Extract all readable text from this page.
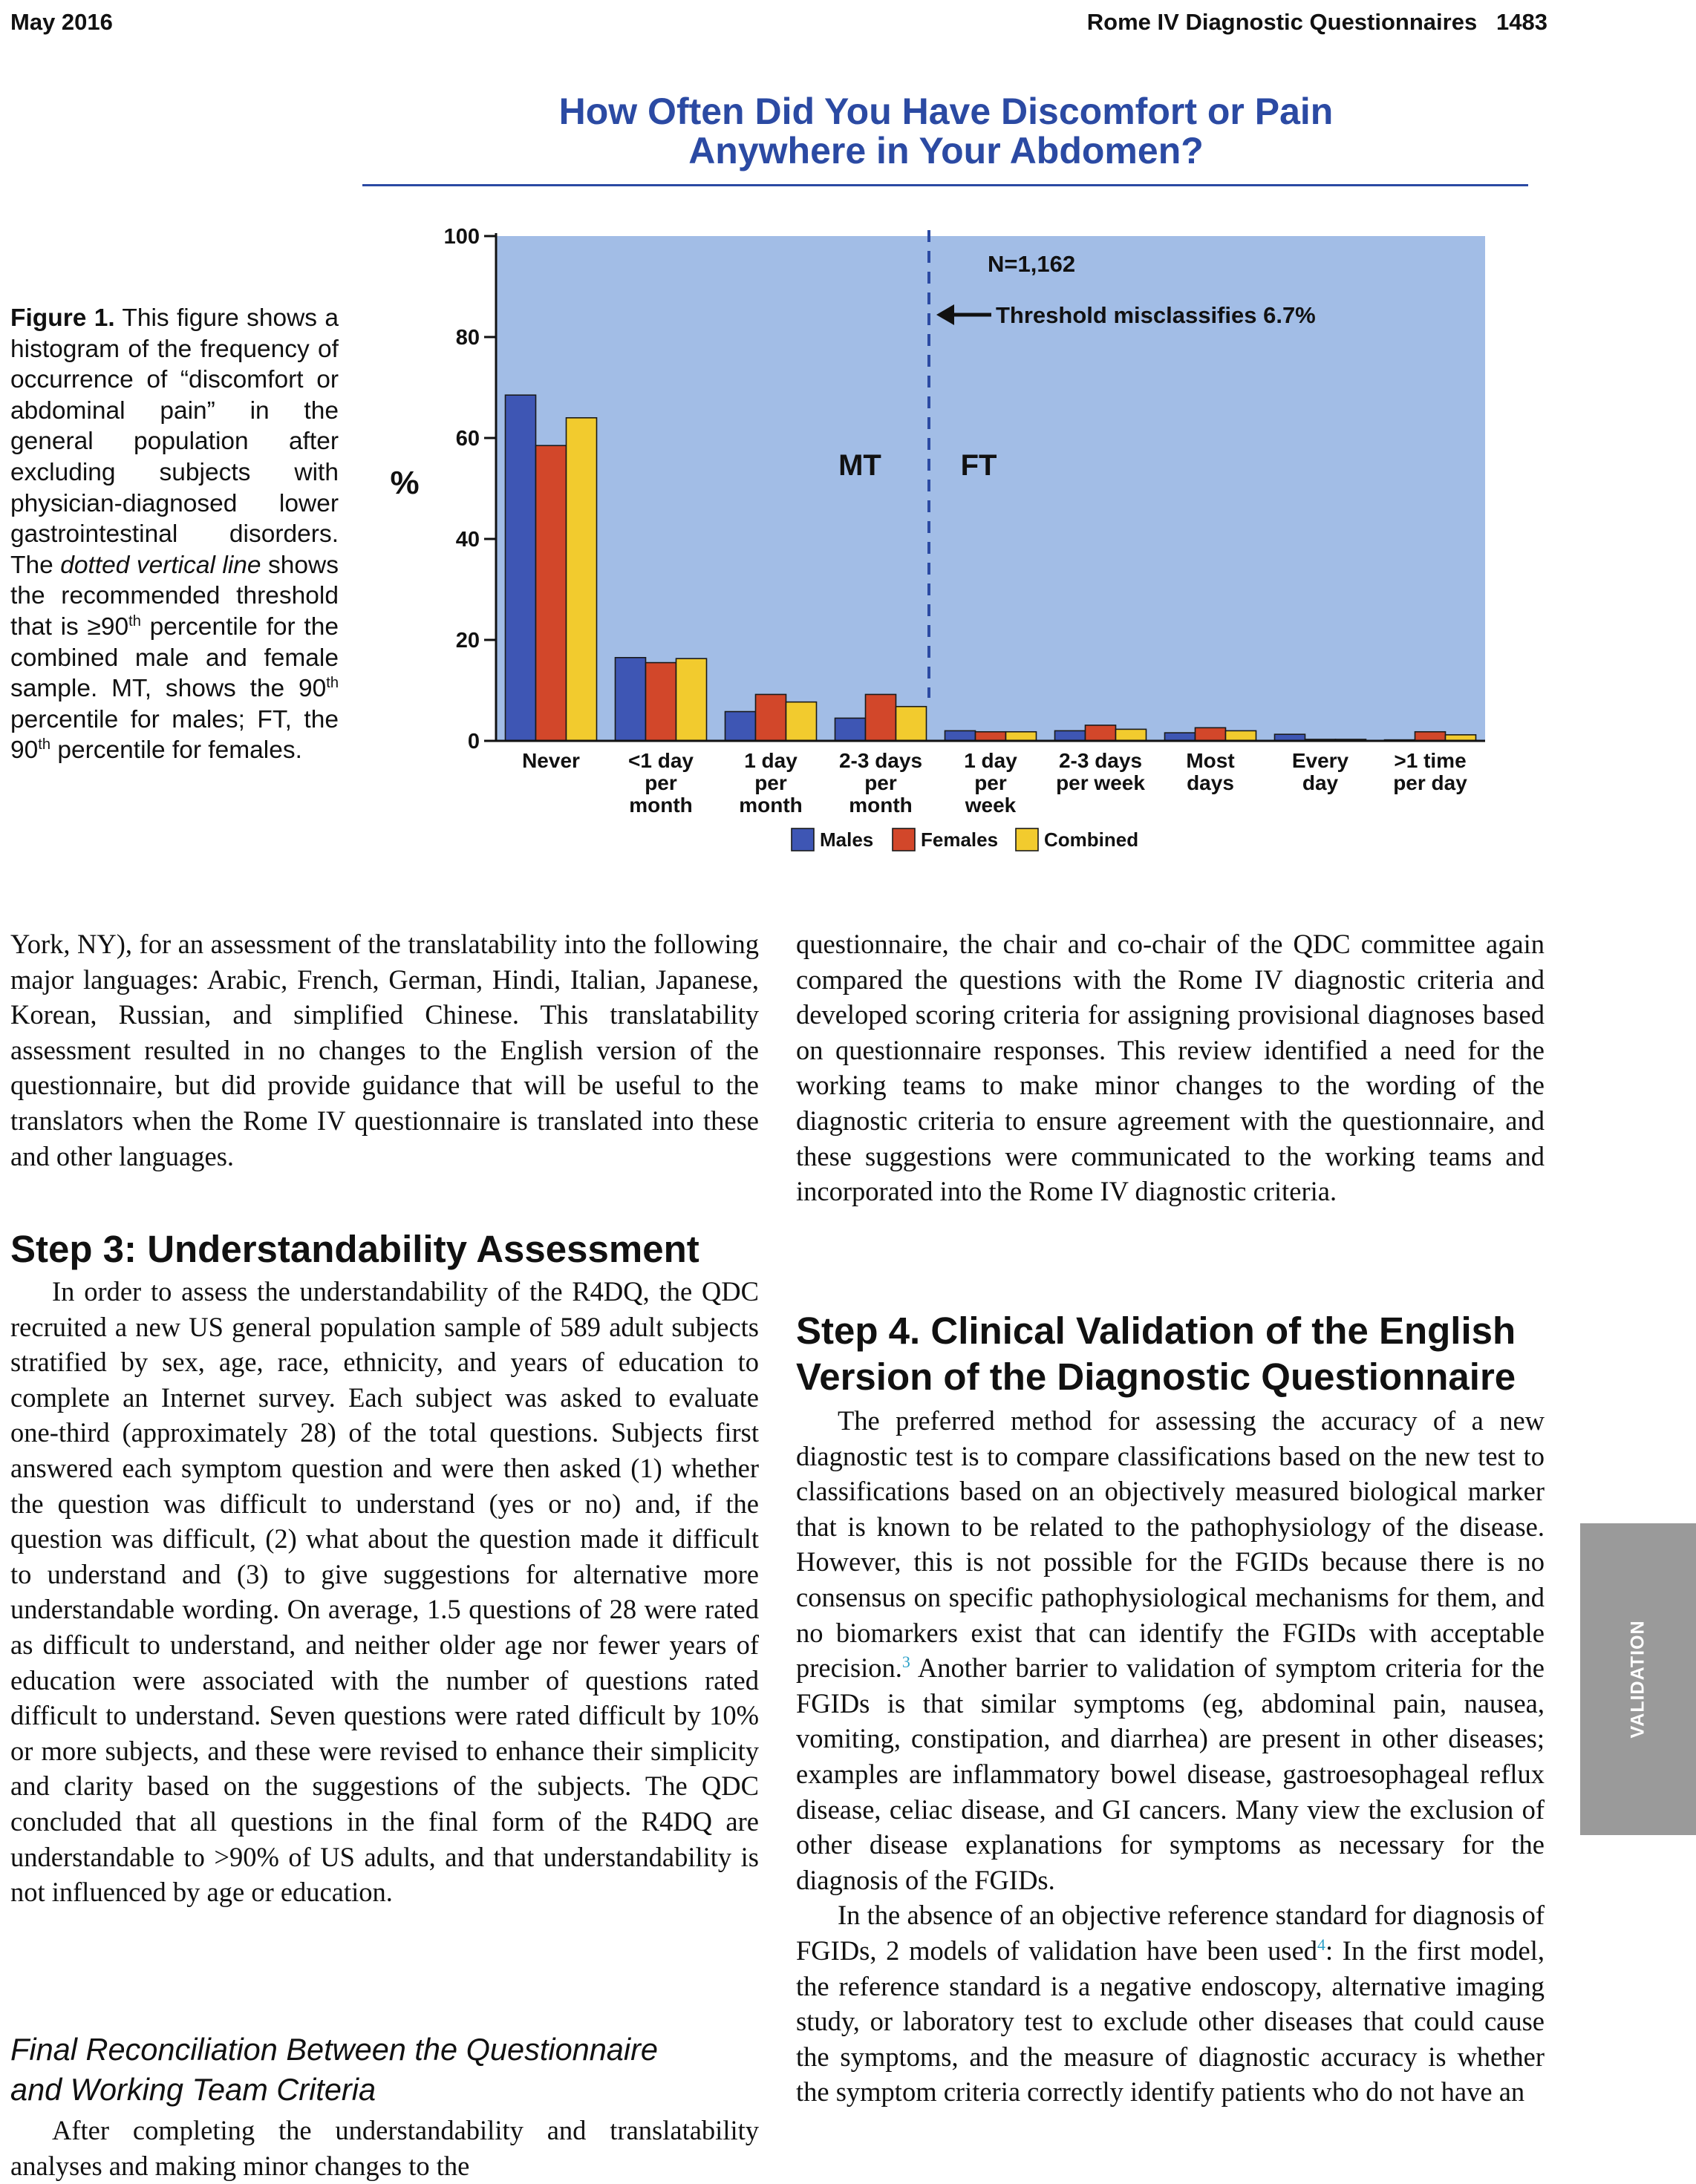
May 2016	Rome IV Diagnostic Questionnaires   1483
How Often Did You Have Discomfort or Pain
Anywhere in Your Abdomen?
Figure 1. This figure shows a histogram of the frequency of occurrence of “discomfort or abdominal pain” in the general population after excluding subjects with physician-diagnosed lower gastrointestinal disorders. The dotted vertical line shows the recommended threshold that is ≥90th percentile for the combined male and female sample. MT, shows the 90th percentile for males; FT, the 90th percentile for females.	0
20
40
60
80
100
%
Never <1 day
per
month
1 day
per
month
2-3 days
per
month
1 day
per
week
2-3 days
per week
Most
days
Every
day
>1 time
per day
N=1,162
Threshold misclassifies 6.7%
MT	FT
Males Females Combined

York, NY), for an assessment of the translatability into the following major languages: Arabic, French, German, Hindi, Italian, Japanese, Korean, Russian, and simplified Chinese. This translatability assessment resulted in no changes to the English version of the questionnaire, but did provide guidance that will be useful to the translators when the Rome IV questionnaire is translated into these and other languages.

Step 3: Understandability Assessment

In order to assess the understandability of the R4DQ, the QDC recruited a new US general population sample of 589 adult subjects stratified by sex, age, race, ethnicity, and years of education to complete an Internet survey. Each subject was asked to evaluate one-third (approximately 28) of the total questions. Subjects first answered each symptom question and were then asked (1) whether the question was difficult to understand (yes or no) and, if the question was difficult, (2) what about the question made it difficult to understand and (3) to give suggestions for alternative more understandable wording. On average, 1.5 questions of 28 were rated as difficult to understand, and neither older age nor fewer years of education were associated with the number of questions rated difficult to understand. Seven questions were rated difficult by 10% or more subjects, and these were revised to enhance their simplicity and clarity based on the suggestions of the subjects. The QDC concluded that all questions in the final form of the R4DQ are understandable to >90% of US adults, and that understandability is not influenced by age or education.

Final Reconciliation Between the Questionnaire
and Working Team Criteria

After completing the understandability and translatability analyses and making minor changes to the

questionnaire, the chair and co-chair of the QDC committee again compared the questions with the Rome IV diagnostic criteria and developed scoring criteria for assigning provisional diagnoses based on questionnaire responses. This review identified a need for the working teams to make minor changes to the wording of the diagnostic criteria to ensure agreement with the questionnaire, and these suggestions were communicated to the working teams and incorporated into the Rome IV diagnostic criteria.

Step 4. Clinical Validation of the English
Version of the Diagnostic Questionnaire

The preferred method for assessing the accuracy of a new diagnostic test is to compare classifications based on the new test to classifications based on an objectively measured biological marker that is known to be related to the pathophysiology of the disease. However, this is not possible for the FGIDs because there is no consensus on specific pathophysiological mechanisms for them, and no biomarkers exist that can identify the FGIDs with acceptable precision.$^3$ Another barrier to validation of symptom criteria for the FGIDs is that similar symptoms (eg, abdominal pain, nausea, vomiting, constipation, and diarrhea) are present in other diseases; examples are inflammatory bowel disease, gastroesophageal reflux disease, celiac disease, and GI cancers. Many view the exclusion of other disease explanations for symptoms as necessary for the diagnosis of the FGIDs.

In the absence of an objective reference standard for diagnosis of FGIDs, 2 models of validation have been used$^4$: In the first model, the reference standard is a negative endoscopy, alternative imaging study, or laboratory test to exclude other diseases that could cause the symptoms, and the measure of diagnostic accuracy is whether the symptom criteria correctly identify patients who do not have an

VALIDATION
